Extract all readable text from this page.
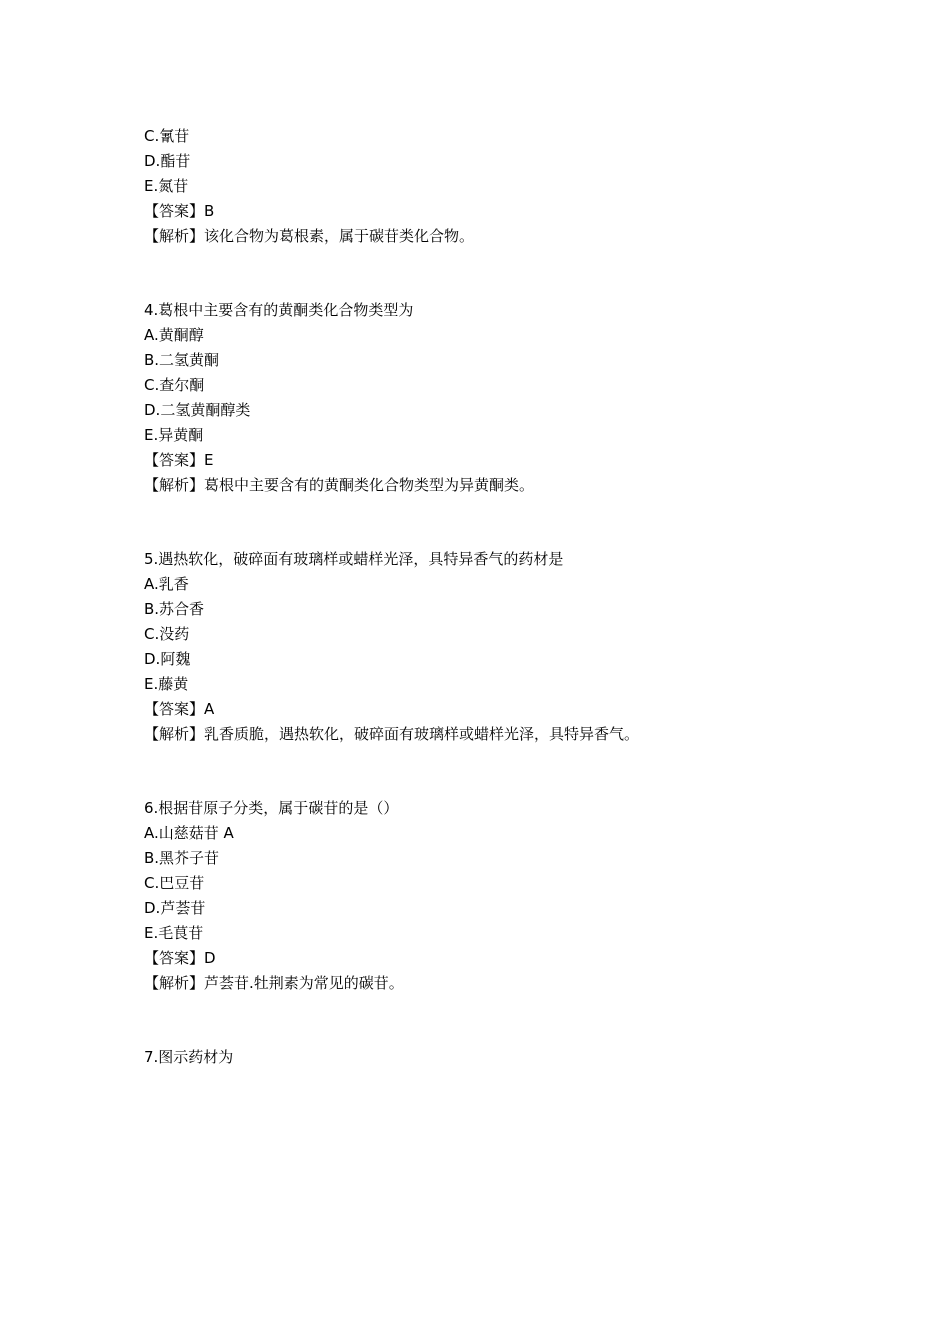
C.氰苷
D.酯苷
E.氮苷
【答案】B
【解析】该化合物为葛根素，属于碳苷类化合物。
4.葛根中主要含有的黄酮类化合物类型为
A.黄酮醇
B.二氢黄酮
C.查尔酮
D.二氢黄酮醇类
E.异黄酮
【答案】E
【解析】葛根中主要含有的黄酮类化合物类型为异黄酮类。
5.遇热软化，破碎面有玻璃样或蜡样光泽，具特异香气的药材是
A.乳香
B.苏合香
C.没药
D.阿魏
E.藤黄
【答案】A
【解析】乳香质脆，遇热软化，破碎面有玻璃样或蜡样光泽，具特异香气。
6.根据苷原子分类，属于碳苷的是（）
A.山慈菇苷 A
B.黑芥子苷
C.巴豆苷
D.芦荟苷
E.毛茛苷
【答案】D
【解析】芦荟苷.牡荆素为常见的碳苷。
7.图示药材为
